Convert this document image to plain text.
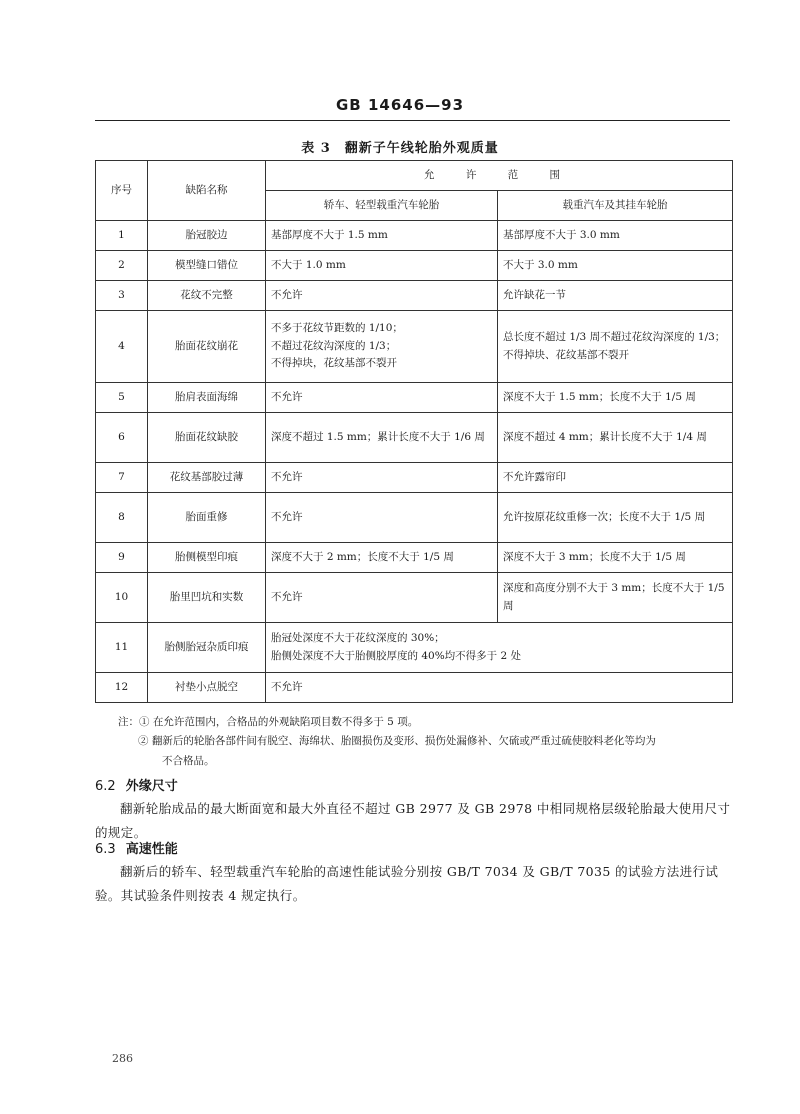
GB 14646—93
表 3　翻新子午线轮胎外观质量
序号	缺陷名称	允 许 范 围	
		轿车、轻型载重汽车轮胎	载重汽车及其挂车轮胎
1	胎冠胶边	基部厚度不大于 1.5 mm	基部厚度不大于 3.0 mm
2	模型缝口错位	不大于 1.0 mm	不大于 3.0 mm
3	花纹不完整	不允许	允许缺花一节
4	胎面花纹崩花	不多于花纹节距数的 1/10；
不超过花纹沟深度的 1/3；
不得掉块，花纹基部不裂开	总长度不超过 1/3 周不超过花纹沟深度的 1/3；
不得掉块、花纹基部不裂开
5	胎肩表面海绵	不允许	深度不大于 1.5 mm；长度不大于 1/5 周
6	胎面花纹缺胶	深度不超过 1.5 mm；累计长度不大于 1/6 周	深度不超过 4 mm；累计长度不大于 1/4 周
7	花纹基部胶过薄	不允许	不允许露帘印
8	胎面重修	不允许	允许按原花纹重修一次；长度不大于 1/5 周
9	胎侧模型印痕	深度不大于 2 mm；长度不大于 1/5 周	深度不大于 3 mm；长度不大于 1/5 周
10	胎里凹坑和实数	不允许	深度和高度分别不大于 3 mm；长度不大于 1/5 周
11	胎侧胎冠杂质印痕	胎冠处深度不大于花纹深度的 30%；
胎侧处深度不大于胎侧胶厚度的 40%均不得多于 2 处	
12	衬垫小点脱空	不允许	

注：① 在允许范围内，合格品的外观缺陷项目数不得多于 5 项。

② 翻新后的轮胎各部件间有脱空、海绵状、胎圈损伤及变形、损伤处漏修补、欠硫或严重过硫使胶料老化等均为

不合格品。

6.2 外缘尺寸

翻新轮胎成品的最大断面宽和最大外直径不超过 GB 2977 及 GB 2978 中相同规格层级轮胎最大使用尺寸的规定。

6.3 高速性能

翻新后的轿车、轻型载重汽车轮胎的高速性能试验分别按 GB/T 7034 及 GB/T 7035 的试验方法进行试验。其试验条件则按表 4 规定执行。

286
